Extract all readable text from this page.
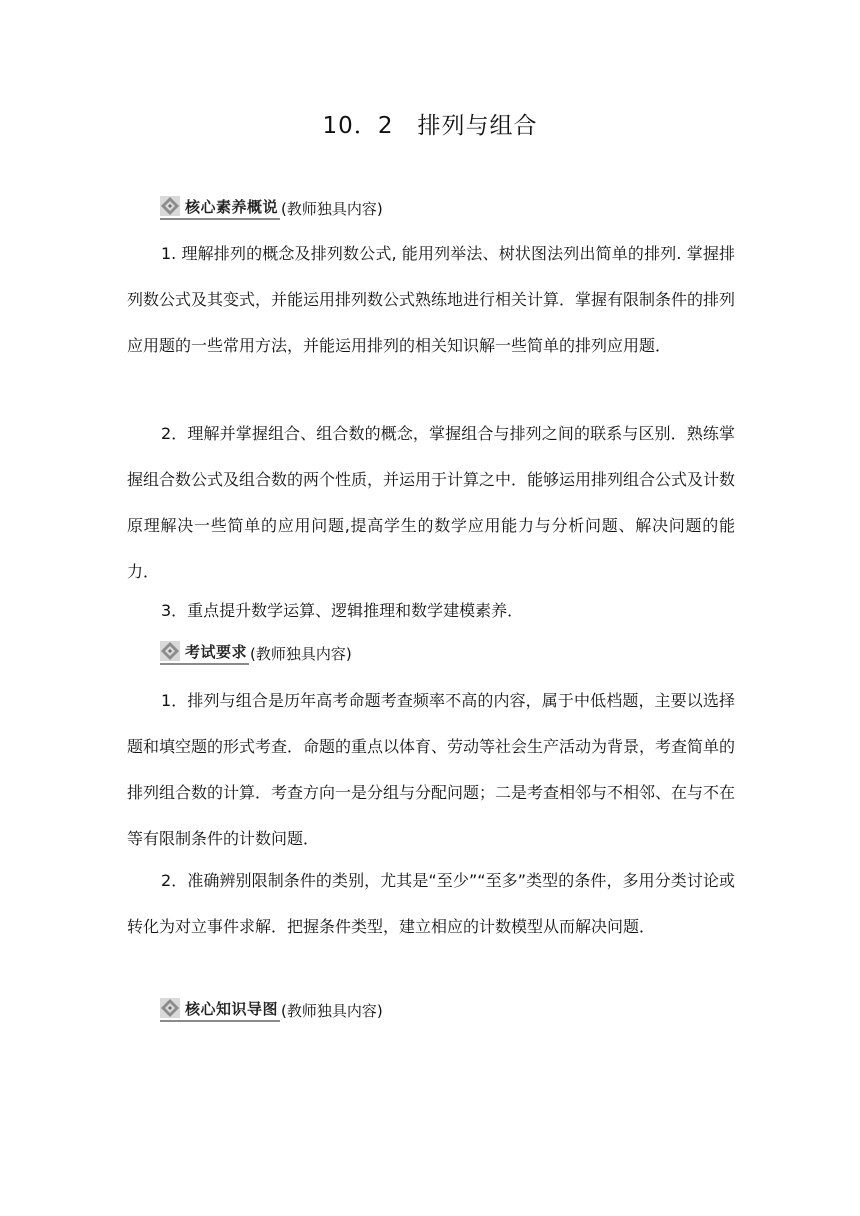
10．2　排列与组合
核心素养概说 (教师独具内容)

1. 理解排列的概念及排列数公式, 能用列举法、树状图法列出简单的排列. 掌握排列数公式及其变式，并能运用排列数公式熟练地进行相关计算．掌握有限制条件的排列应用题的一些常用方法，并能运用排列的相关知识解一些简单的排列应用题．

2．理解并掌握组合、组合数的概念，掌握组合与排列之间的联系与区别．熟练掌握组合数公式及组合数的两个性质，并运用于计算之中．能够运用排列组合公式及计数原理解决一些简单的应用问题,提高学生的数学应用能力与分析问题、解决问题的能力．

3．重点提升数学运算、逻辑推理和数学建模素养．

考试要求 (教师独具内容)

1．排列与组合是历年高考命题考查频率不高的内容，属于中低档题，主要以选择题和填空题的形式考查．命题的重点以体育、劳动等社会生产活动为背景，考查简单的排列组合数的计算．考查方向一是分组与分配问题；二是考查相邻与不相邻、在与不在等有限制条件的计数问题．

2．准确辨别限制条件的类别，尤其是“至少”“至多”类型的条件，多用分类讨论或转化为对立事件求解．把握条件类型，建立相应的计数模型从而解决问题．

核心知识导图 (教师独具内容)
